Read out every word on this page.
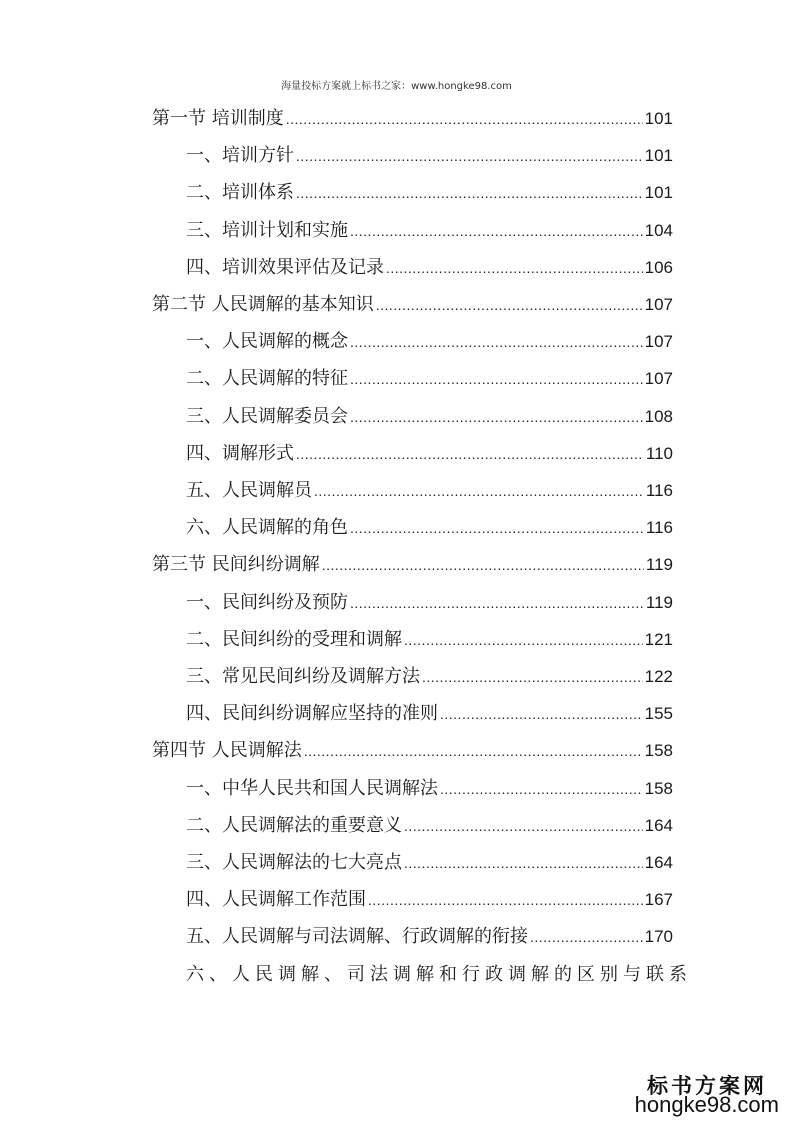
海量投标方案就上标书之家：www.hongke98.com
第一节 培训制度 .....	101
一、培训方针 .....	101
二、培训体系 .....	101
三、培训计划和实施 .....	104
四、培训效果评估及记录 .....	106
第二节 人民调解的基本知识 .....	107
一、人民调解的概念 .....	107
二、人民调解的特征 .....	107
三、人民调解委员会 .....	108
四、调解形式 .....	110
五、人民调解员 .....	116
六、人民调解的角色 .....	116
第三节 民间纠纷调解 .....	119
一、民间纠纷及预防 .....	119
二、民间纠纷的受理和调解 .....	121
三、常见民间纠纷及调解方法 .....	122
四、民间纠纷调解应坚持的准则 .....	155
第四节 人民调解法 .....	158
一、中华人民共和国人民调解法 .....	158
二、人民调解法的重要意义 .....	164
三、人民调解法的七大亮点 .....	164
四、人民调解工作范围 .....	167
五、人民调解与司法调解、行政调解的衔接 .....	170
六、人民调解、司法调解和行政调解的区别与联系
标书方案网
hongke98.com
